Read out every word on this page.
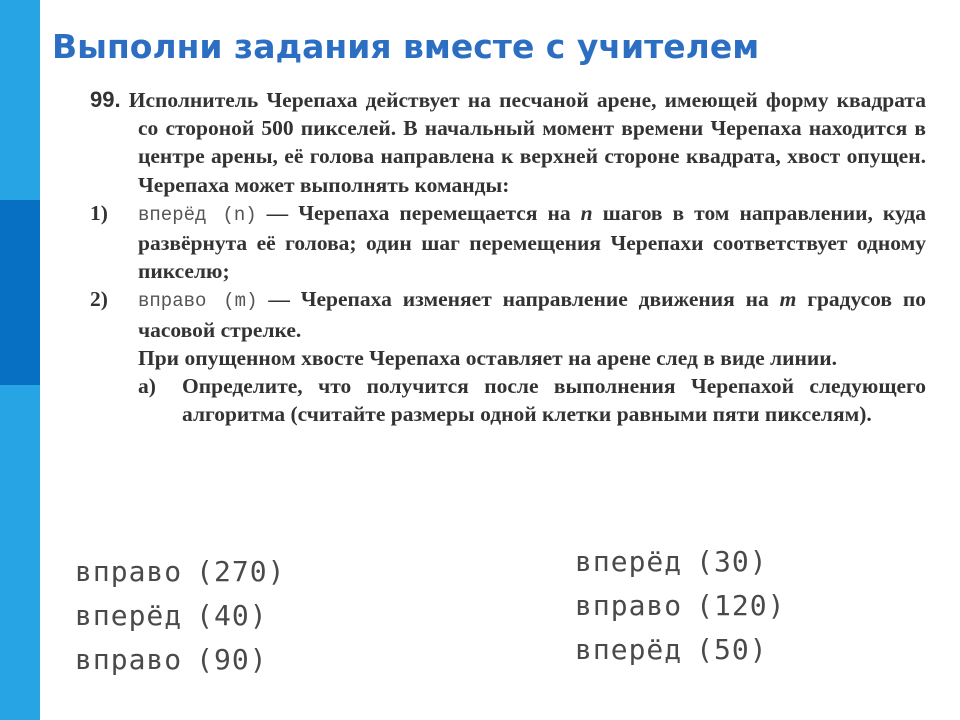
Выполни задания вместе с учителем

99. Исполнитель Черепаха действует на песчаной арене, имеющей форму квадрата со стороной 500 пикселей. В начальный момент времени Черепаха находится в центре арены, её голова направлена к верхней стороне квадрата, хвост опущен. Черепаха может выполнять команды:

1)	вперёд (n) — Черепаха перемещается на n шагов в том направлении, куда развёрнута её голова; один шаг перемещения Черепахи соответствует одному пикселю;
2)	вправо (m) — Черепаха изменяет направление движения на m градусов по часовой стрелке.

При опущенном хвосте Черепаха оставляет на арене след в виде линии.

а)	Определите, что получится после выполнения Черепахой следующего алгоритма (считайте размеры одной клетки равными пяти пикселям).
вправо (270)
вперёд (40)
вправо (90)
вперёд (30)
вправо (120)
вперёд (50)
